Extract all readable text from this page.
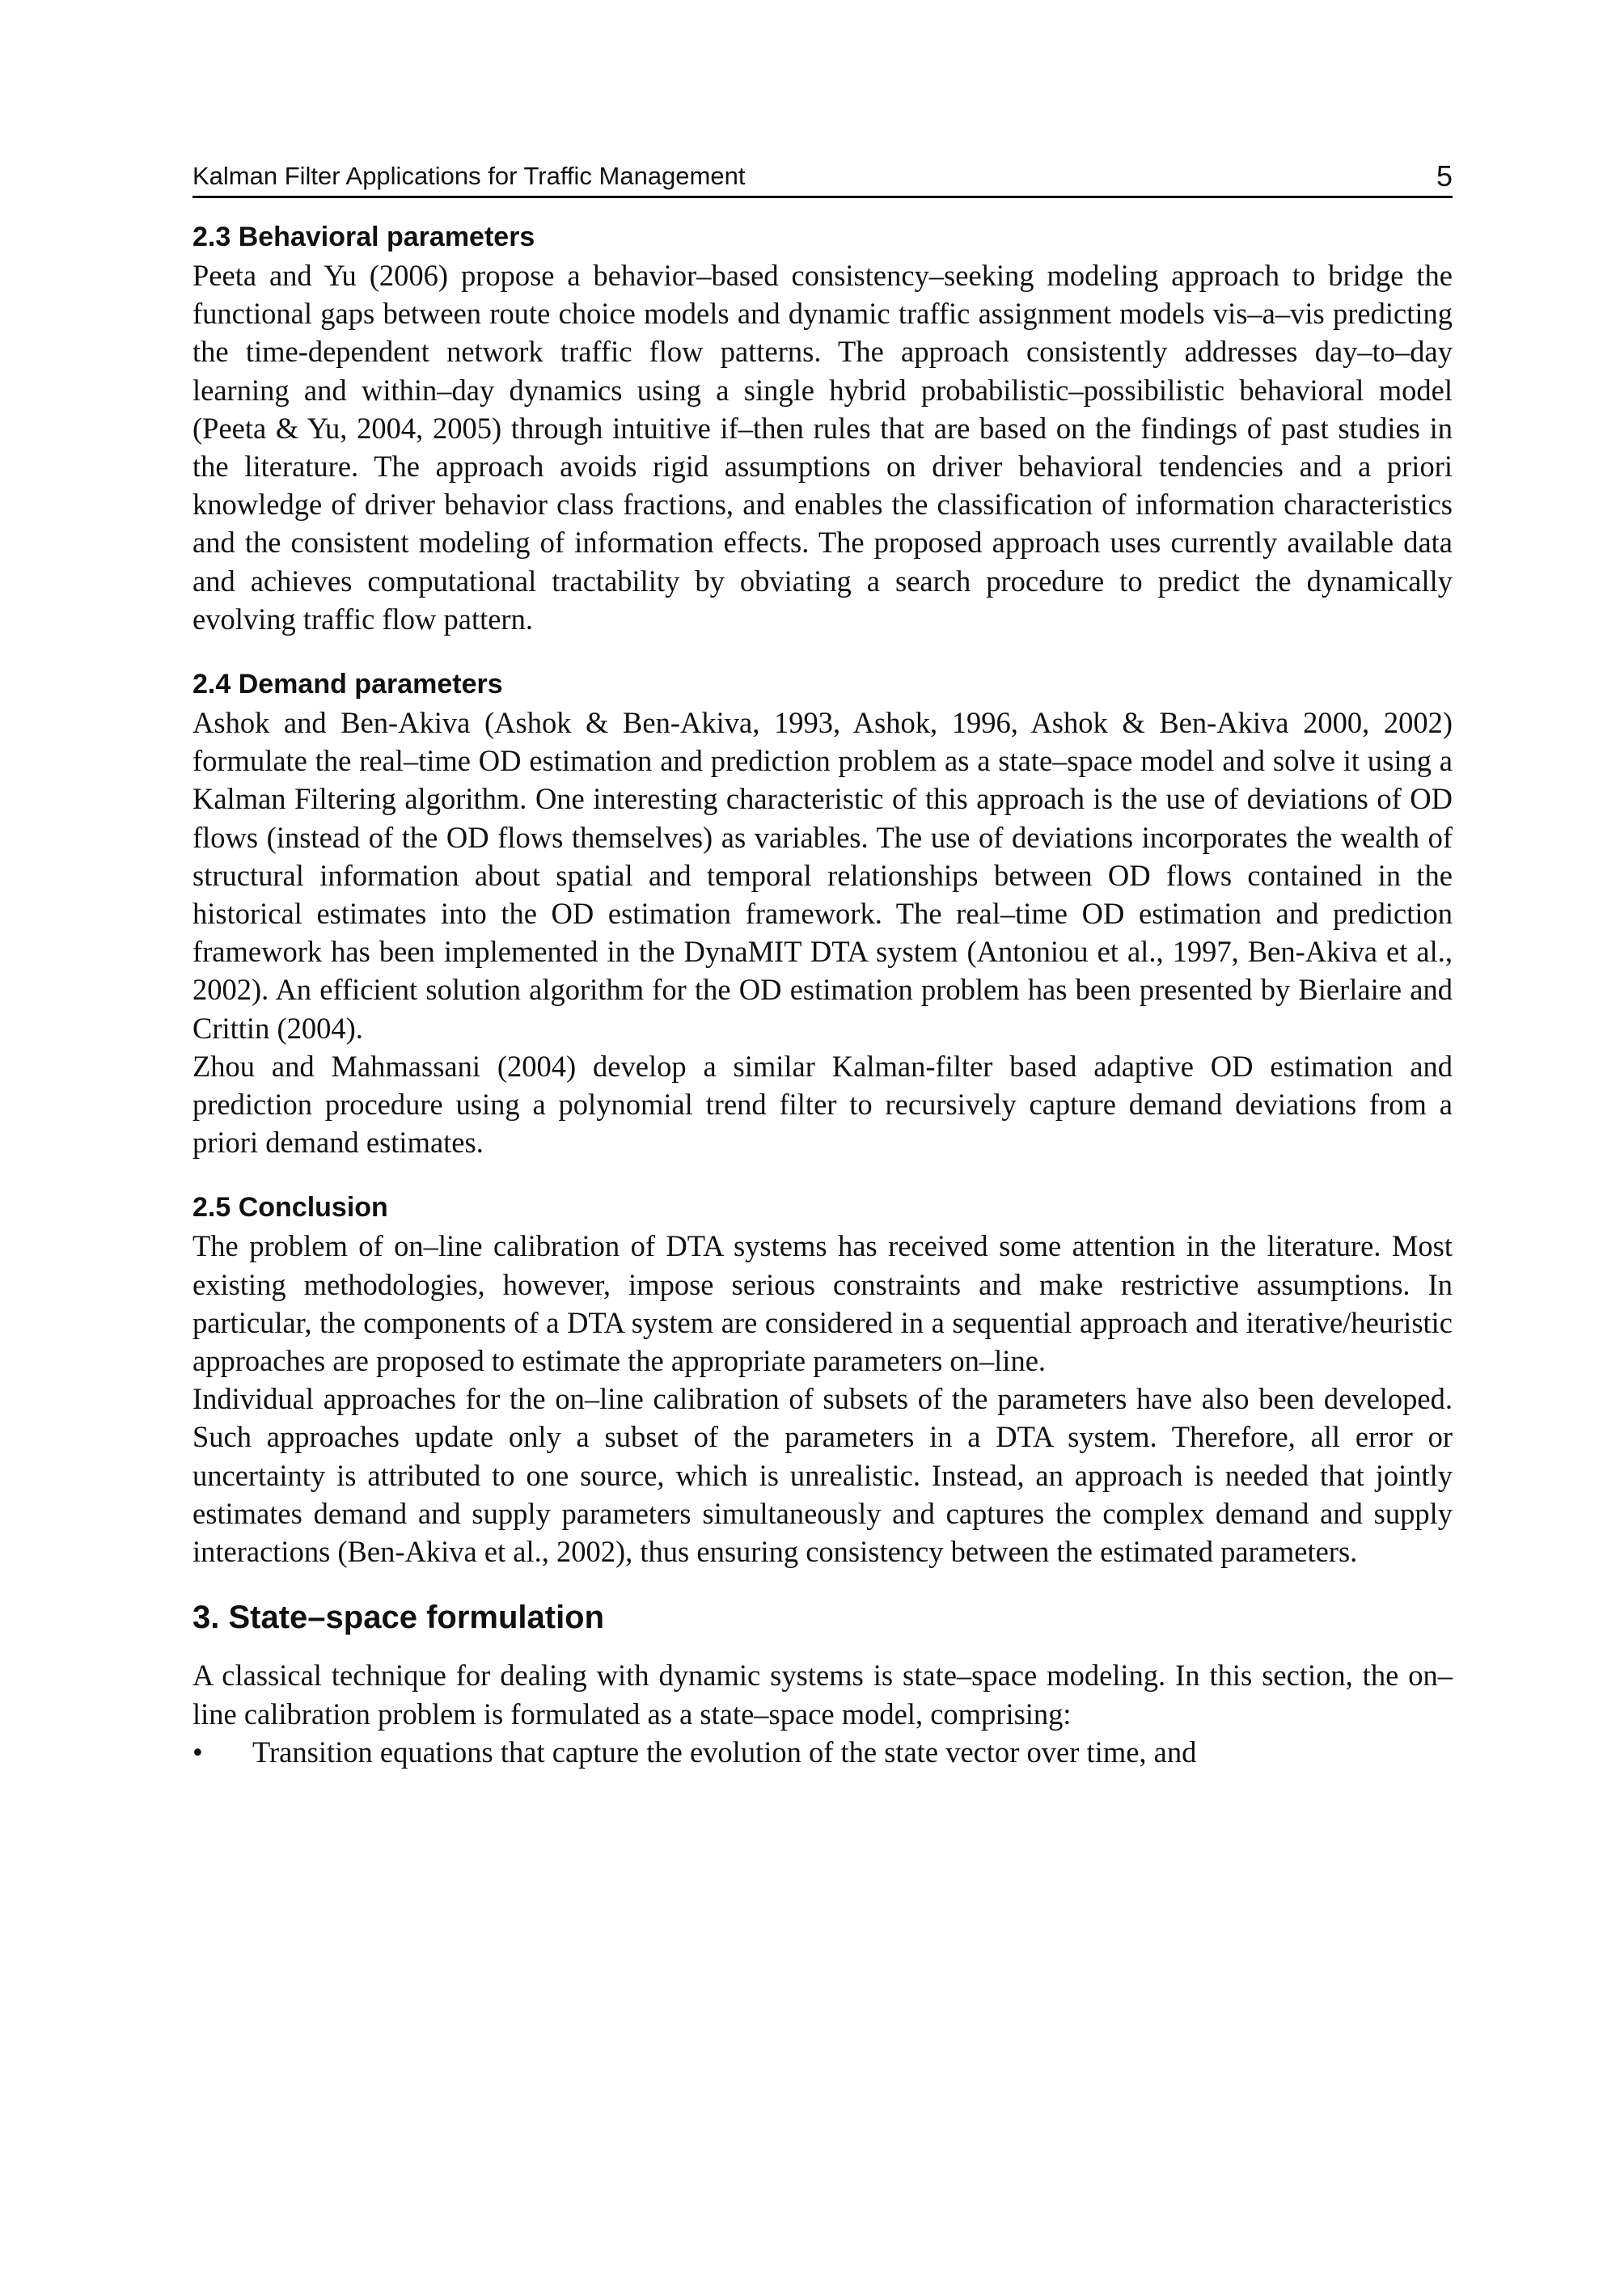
Kalman Filter Applications for Traffic Management	5
2.3 Behavioral parameters

Peeta and Yu (2006) propose a behavior–based consistency–seeking modeling approach to bridge the functional gaps between route choice models and dynamic traffic assignment models vis–a–vis predicting the time-dependent network traffic flow patterns. The approach consistently addresses day–to–day learning and within–day dynamics using a single hybrid probabilistic–possibilistic behavioral model (Peeta & Yu, 2004, 2005) through intuitive if–then rules that are based on the findings of past studies in the literature. The approach avoids rigid assumptions on driver behavioral tendencies and a priori knowledge of driver behavior class fractions, and enables the classification of information characteristics and the consistent modeling of information effects. The proposed approach uses currently available data and achieves computational tractability by obviating a search procedure to predict the dynamically evolving traffic flow pattern.

2.4 Demand parameters

Ashok and Ben-Akiva (Ashok & Ben-Akiva, 1993, Ashok, 1996, Ashok & Ben-Akiva 2000, 2002) formulate the real–time OD estimation and prediction problem as a state–space model and solve it using a Kalman Filtering algorithm. One interesting characteristic of this approach is the use of deviations of OD flows (instead of the OD flows themselves) as variables. The use of deviations incorporates the wealth of structural information about spatial and temporal relationships between OD flows contained in the historical estimates into the OD estimation framework. The real–time OD estimation and prediction framework has been implemented in the DynaMIT DTA system (Antoniou et al., 1997, Ben-Akiva et al., 2002). An efficient solution algorithm for the OD estimation problem has been presented by Bierlaire and Crittin (2004).

Zhou and Mahmassani (2004) develop a similar Kalman-filter based adaptive OD estimation and prediction procedure using a polynomial trend filter to recursively capture demand deviations from a priori demand estimates.

2.5 Conclusion

The problem of on–line calibration of DTA systems has received some attention in the literature. Most existing methodologies, however, impose serious constraints and make restrictive assumptions. In particular, the components of a DTA system are considered in a sequential approach and iterative/heuristic approaches are proposed to estimate the appropriate parameters on–line.

Individual approaches for the on–line calibration of subsets of the parameters have also been developed. Such approaches update only a subset of the parameters in a DTA system. Therefore, all error or uncertainty is attributed to one source, which is unrealistic. Instead, an approach is needed that jointly estimates demand and supply parameters simultaneously and captures the complex demand and supply interactions (Ben-Akiva et al., 2002), thus ensuring consistency between the estimated parameters.

3. State–space formulation

A classical technique for dealing with dynamic systems is state–space modeling. In this section, the on–line calibration problem is formulated as a state–space model, comprising:

•	Transition equations that capture the evolution of the state vector over time, and
